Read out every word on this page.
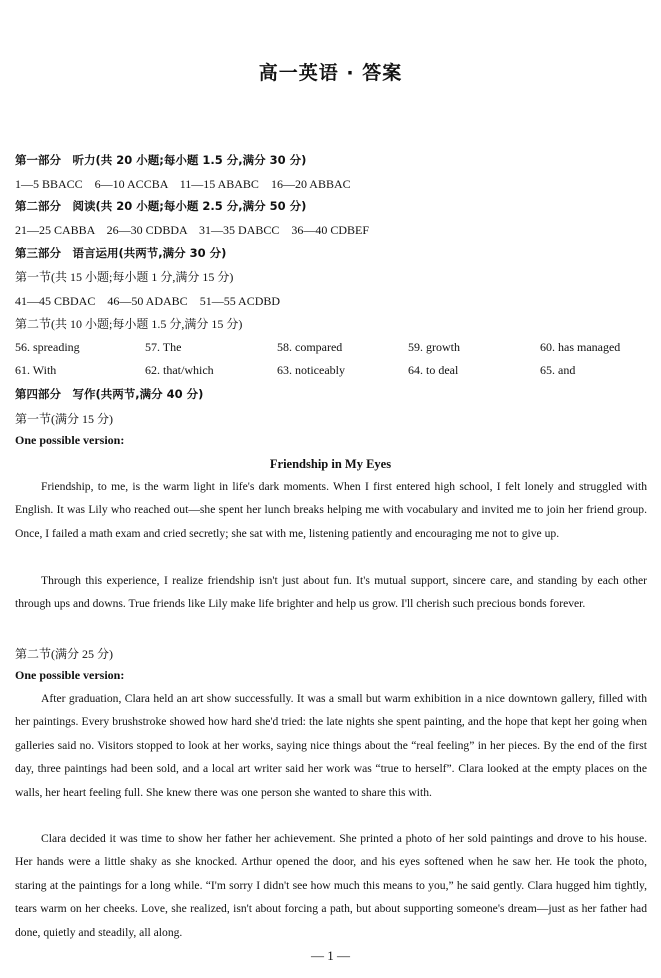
高一英语 · 答案
第一部分　听力(共 20 小题;每小题 1.5 分,满分 30 分)
1—5 BBACC　6—10 ACCBA　11—15 ABABC　16—20 ABBAC
第二部分　阅读(共 20 小题;每小题 2.5 分,满分 50 分)
21—25 CABBA　26—30 CDBDA　31—35 DABCC　36—40 CDBEF
第三部分　语言运用(共两节,满分 30 分)
第一节(共 15 小题;每小题 1 分,满分 15 分)
41—45 CBDAC　46—50 ADABC　51—55 ACDBD
第二节(共 10 小题;每小题 1.5 分,满分 15 分)
56. spreading	57. The	58. compared	59. growth	60. has managed
61. With	62. that/which	63. noticeably	64. to deal	65. and
第四部分　写作(共两节,满分 40 分)
第一节(满分 15 分)
One possible version:
Friendship in My Eyes

Friendship, to me, is the warm light in life's dark moments. When I first entered high school, I felt lonely and struggled with English. It was Lily who reached out—she spent her lunch breaks helping me with vocabulary and invited me to join her friend group. Once, I failed a math exam and cried secretly; she sat with me, listening patiently and encouraging me not to give up.

Through this experience, I realize friendship isn't just about fun. It's mutual support, sincere care, and standing by each other through ups and downs. True friends like Lily make life brighter and help us grow. I'll cherish such precious bonds forever.

第二节(满分 25 分)
One possible version:

After graduation, Clara held an art show successfully. It was a small but warm exhibition in a nice downtown gallery, filled with her paintings. Every brushstroke showed how hard she'd tried: the late nights she spent painting, and the hope that kept her going when galleries said no. Visitors stopped to look at her works, saying nice things about the “real feeling” in her pieces. By the end of the first day, three paintings had been sold, and a local art writer said her work was “true to herself”. Clara looked at the empty places on the walls, her heart feeling full. She knew there was one person she wanted to share this with.

Clara decided it was time to show her father her achievement. She printed a photo of her sold paintings and drove to his house. Her hands were a little shaky as she knocked. Arthur opened the door, and his eyes softened when he saw her. He took the photo, staring at the paintings for a long while. “I'm sorry I didn't see how much this means to you,” he said gently. Clara hugged him tightly, tears warm on her cheeks. Love, she realized, isn't about forcing a path, but about supporting someone's dream—just as her father had done, quietly and steadily, all along.

— 1 —
